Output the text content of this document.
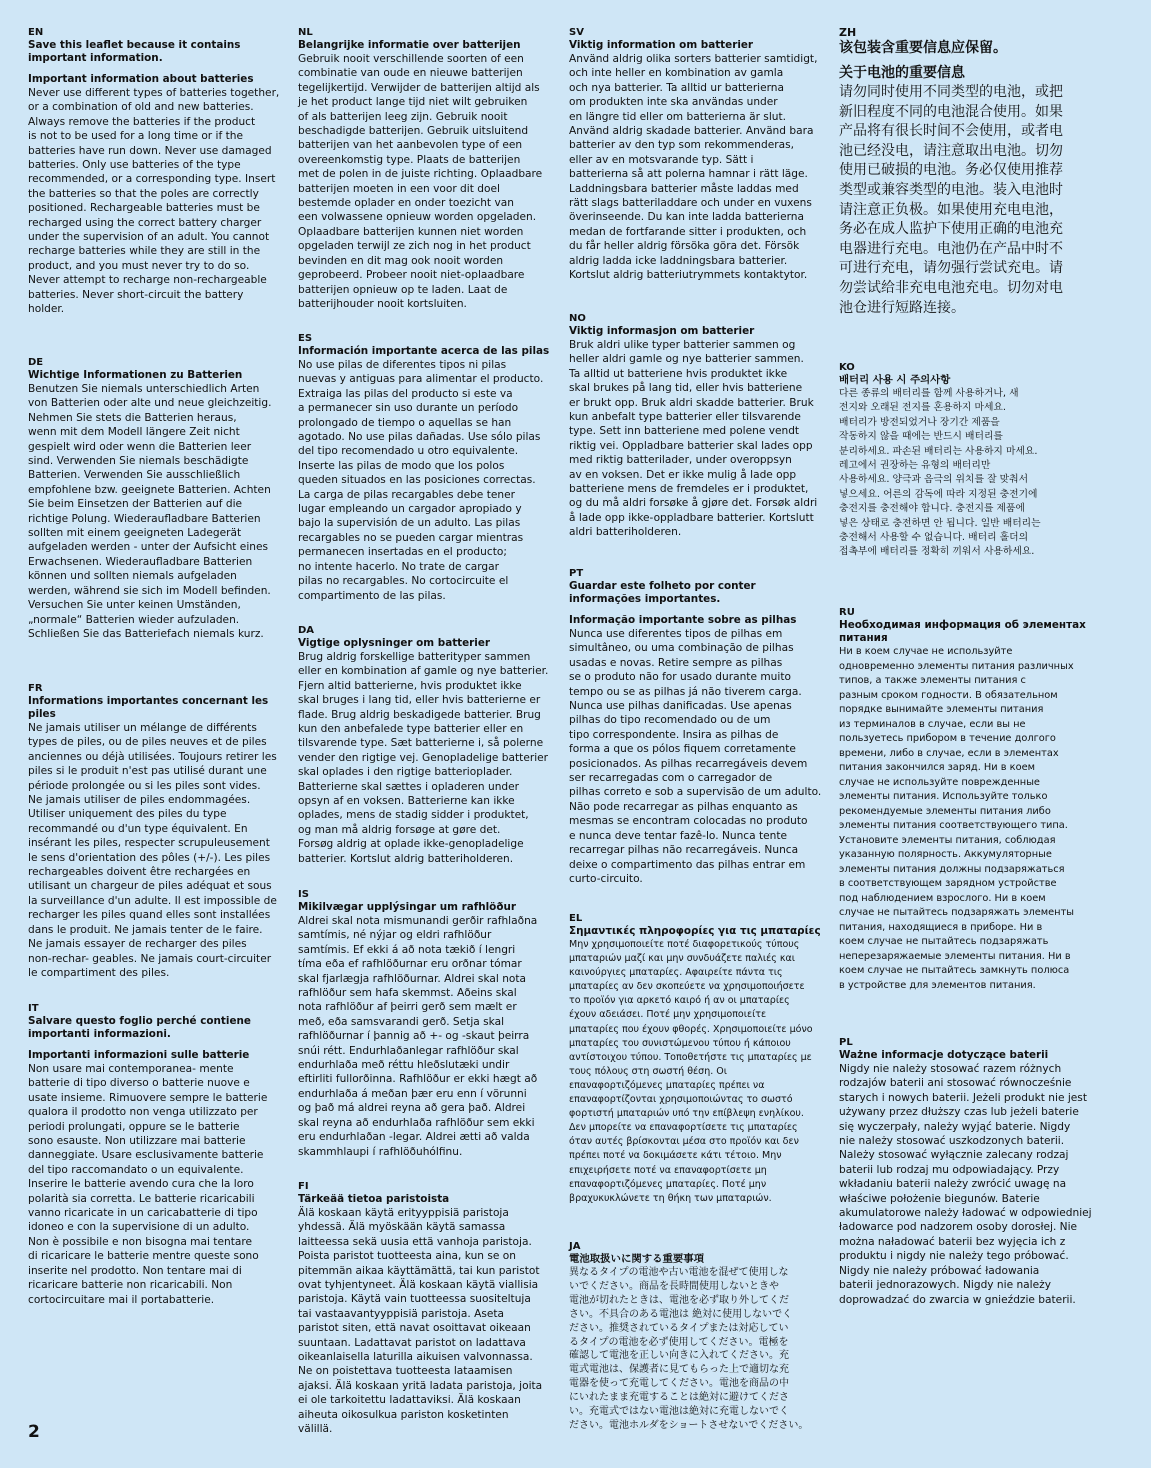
EN
Save this leaflet because it contains important information.
Important information about batteries
Never use different types of batteries together,
or a combination of old and new batteries.
Always remove the batteries if the product
is not to be used for a long time or if the
batteries have run down. Never use damaged
batteries. Only use batteries of the type
recommended, or a corresponding type. Insert
the batteries so that the poles are correctly
positioned. Rechargeable batteries must be
recharged using the correct battery charger
under the supervision of an adult. You cannot
recharge batteries while they are still in the
product, and you must never try to do so.
Never attempt to recharge non-rechargeable
batteries. Never short-circuit the battery
holder.
DE
Wichtige Informationen zu Batterien
Benutzen Sie niemals unterschiedlich Arten
von Batterien oder alte und neue gleichzeitig.
Nehmen Sie stets die Batterien heraus,
wenn mit dem Modell längere Zeit nicht
gespielt wird oder wenn die Batterien leer
sind. Verwenden Sie niemals beschädigte
Batterien. Verwenden Sie ausschließlich
empfohlene bzw. geeignete Batterien. Achten
Sie beim Einsetzen der Batterien auf die
richtige Polung. Wiederaufladbare Batterien
sollten mit einem geeigneten Ladegerät
aufgeladen werden - unter der Aufsicht eines
Erwachsenen. Wiederaufladbare Batterien
können und sollten niemals aufgeladen
werden, während sie sich im Modell befinden.
Versuchen Sie unter keinen Umständen,
„normale“ Batterien wieder aufzuladen.
Schließen Sie das Batteriefach niemals kurz.
FR
Informations importantes concernant les piles
Ne jamais utiliser un mélange de différents
types de piles, ou de piles neuves et de piles
anciennes ou déjà utilisées. Toujours retirer les
piles si le produit n'est pas utilisé durant une
période prolongée ou si les piles sont vides.
Ne jamais utiliser de piles endommagées.
Utiliser uniquement des piles du type
recommandé ou d'un type équivalent. En
insérant les piles, respecter scrupuleusement
le sens d'orientation des pôles (+/-). Les piles
rechargeables doivent être rechargées en
utilisant un chargeur de piles adéquat et sous
la surveillance d'un adulte. Il est impossible de
recharger les piles quand elles sont installées
dans le produit. Ne jamais tenter de le faire.
Ne jamais essayer de recharger des piles
non-rechar- geables. Ne jamais court-circuiter
le compartiment des piles.
IT
Salvare questo foglio perché contiene importanti informazioni.
Importanti informazioni sulle batterie
Non usare mai contemporanea- mente
batterie di tipo diverso o batterie nuove e
usate insieme. Rimuovere sempre le batterie
qualora il prodotto non venga utilizzato per
periodi prolungati, oppure se le batterie
sono esauste. Non utilizzare mai batterie
danneggiate. Usare esclusivamente batterie
del tipo raccomandato o un equivalente.
Inserire le batterie avendo cura che la loro
polarità sia corretta. Le batterie ricaricabili
vanno ricaricate in un caricabatterie di tipo
idoneo e con la supervisione di un adulto.
Non è possibile e non bisogna mai tentare
di ricaricare le batterie mentre queste sono
inserite nel prodotto. Non tentare mai di
ricaricare batterie non ricaricabili. Non
cortocircuitare mai il portabatterie.
NL
Belangrijke informatie over batterijen
Gebruik nooit verschillende soorten of een
combinatie van oude en nieuwe batterijen
tegelijkertijd. Verwijder de batterijen altijd als
je het product lange tijd niet wilt gebruiken
of als batterijen leeg zijn. Gebruik nooit
beschadigde batterijen. Gebruik uitsluitend
batterijen van het aanbevolen type of een
overeenkomstig type. Plaats de batterijen
met de polen in de juiste richting. Oplaadbare
batterijen moeten in een voor dit doel
bestemde oplader en onder toezicht van
een volwassene opnieuw worden opgeladen.
Oplaadbare batterijen kunnen niet worden
opgeladen terwijl ze zich nog in het product
bevinden en dit mag ook nooit worden
geprobeerd. Probeer nooit niet-oplaadbare
batterijen opnieuw op te laden. Laat de
batterijhouder nooit kortsluiten.
ES
Información importante acerca de las pilas
No use pilas de diferentes tipos ni pilas
nuevas y antiguas para alimentar el producto.
Extraiga las pilas del producto si este va
a permanecer sin uso durante un período
prolongado de tiempo o aquellas se han
agotado. No use pilas dañadas. Use sólo pilas
del tipo recomendado u otro equivalente.
Inserte las pilas de modo que los polos
queden situados en las posiciones correctas.
La carga de pilas recargables debe tener
lugar empleando un cargador apropiado y
bajo la supervisión de un adulto. Las pilas
recargables no se pueden cargar mientras
permanecen insertadas en el producto;
no intente hacerlo. No trate de cargar
pilas no recargables. No cortocircuite el
compartimento de las pilas.
DA
Vigtige oplysninger om batterier
Brug aldrig forskellige batterityper sammen
eller en kombination af gamle og nye batterier.
Fjern altid batterierne, hvis produktet ikke
skal bruges i lang tid, eller hvis batterierne er
flade. Brug aldrig beskadigede batterier. Brug
kun den anbefalede type batterier eller en
tilsvarende type. Sæt batterierne i, så polerne
vender den rigtige vej. Genopladelige batterier
skal oplades i den rigtige batterioplader.
Batterierne skal sættes i opladeren under
opsyn af en voksen. Batterierne kan ikke
oplades, mens de stadig sidder i produktet,
og man må aldrig forsøge at gøre det.
Forsøg aldrig at oplade ikke-genopladelige
batterier. Kortslut aldrig batteriholderen.
IS
Mikilvægar upplýsingar um rafhlöður
Aldrei skal nota mismunandi gerðir rafhlaðna
samtímis, né nýjar og eldri rafhlöður
samtímis. Ef ekki á að nota tækið í lengri
tíma eða ef rafhlöðurnar eru orðnar tómar
skal fjarlægja rafhlöðurnar. Aldrei skal nota
rafhlöður sem hafa skemmst. Aðeins skal
nota rafhlöður af þeirri gerð sem mælt er
með, eða samsvarandi gerð. Setja skal
rafhlöðurnar í þannig að +- og -skaut þeirra
snúi rétt. Endurhlaðanlegar rafhlöður skal
endurhlaða með réttu hleðslutæki undir
eftirliti fullorðinna. Rafhlöður er ekki hægt að
endurhlaða á meðan þær eru enn í vörunni
og það má aldrei reyna að gera það. Aldrei
skal reyna að endurhlaða rafhlöður sem ekki
eru endurhlaðan -legar. Aldrei ætti að valda
skammhlaupi í rafhlöðuhólfinu.
FI
Tärkeää tietoa paristoista
Älä koskaan käytä erityyppisiä paristoja
yhdessä. Älä myöskään käytä samassa
laitteessa sekä uusia että vanhoja paristoja.
Poista paristot tuotteesta aina, kun se on
pitemmän aikaa käyttämättä, tai kun paristot
ovat tyhjentyneet. Älä koskaan käytä viallisia
paristoja. Käytä vain tuotteessa suositeltuja
tai vastaavantyyppisiä paristoja. Aseta
paristot siten, että navat osoittavat oikeaan
suuntaan. Ladattavat paristot on ladattava
oikeanlaisella laturilla aikuisen valvonnassa.
Ne on poistettava tuotteesta lataamisen
ajaksi. Älä koskaan yritä ladata paristoja, joita
ei ole tarkoitettu ladattaviksi. Älä koskaan
aiheuta oikosulkua pariston kosketinten
välillä.
SV
Viktig information om batterier
Använd aldrig olika sorters batterier samtidigt,
och inte heller en kombination av gamla
och nya batterier. Ta alltid ur batterierna
om produkten inte ska användas under
en längre tid eller om batterierna är slut.
Använd aldrig skadade batterier. Använd bara
batterier av den typ som rekommenderas,
eller av en motsvarande typ. Sätt i
batterierna så att polerna hamnar i rätt läge.
Laddningsbara batterier måste laddas med
rätt slags batteriladdare och under en vuxens
överinseende. Du kan inte ladda batterierna
medan de fortfarande sitter i produkten, och
du får heller aldrig försöka göra det. Försök
aldrig ladda icke laddningsbara batterier.
Kortslut aldrig batteriutrymmets kontaktytor.
NO
Viktig informasjon om batterier
Bruk aldri ulike typer batterier sammen og
heller aldri gamle og nye batterier sammen.
Ta alltid ut batteriene hvis produktet ikke
skal brukes på lang tid, eller hvis batteriene
er brukt opp. Bruk aldri skadde batterier. Bruk
kun anbefalt type batterier eller tilsvarende
type. Sett inn batteriene med polene vendt
riktig vei. Oppladbare batterier skal lades opp
med riktig batterilader, under overoppsyn
av en voksen. Det er ikke mulig å lade opp
batteriene mens de fremdeles er i produktet,
og du må aldri forsøke å gjøre det. Forsøk aldri
å lade opp ikke-oppladbare batterier. Kortslutt
aldri batteriholderen.
PT
Guardar este folheto por conter informações importantes.
Informação importante sobre as pilhas
Nunca use diferentes tipos de pilhas em
simultâneo, ou uma combinação de pilhas
usadas e novas. Retire sempre as pilhas
se o produto não for usado durante muito
tempo ou se as pilhas já não tiverem carga.
Nunca use pilhas danificadas. Use apenas
pilhas do tipo recomendado ou de um
tipo correspondente. Insira as pilhas de
forma a que os pólos fiquem corretamente
posicionados. As pilhas recarregáveis devem
ser recarregadas com o carregador de
pilhas correto e sob a supervisão de um adulto.
Não pode recarregar as pilhas enquanto as
mesmas se encontram colocadas no produto
e nunca deve tentar fazê-lo. Nunca tente
recarregar pilhas não recarregáveis. Nunca
deixe o compartimento das pilhas entrar em
curto-circuito.
EL
Σημαντικές πληροφορίες για τις μπαταρίες
Μην χρησιμοποιείτε ποτέ διαφορετικούς τύπους
μπαταριών μαζί και μην συνδυάζετε παλιές και
καινούργιες μπαταρίες. Αφαιρείτε πάντα τις
μπαταρίες αν δεν σκοπεύετε να χρησιμοποιήσετε
το προϊόν για αρκετό καιρό ή αν οι μπαταρίες
έχουν αδειάσει. Ποτέ μην χρησιμοποιείτε
μπαταρίες που έχουν φθορές. Χρησιμοποιείτε μόνο
μπαταρίες του συνιστώμενου τύπου ή κάποιου
αντίστοιχου τύπου. Τοποθετήστε τις μπαταρίες με
τους πόλους στη σωστή θέση. Οι
επαναφορτιζόμενες μπαταρίες πρέπει να
επαναφορτίζονται χρησιμοποιώντας το σωστό
φορτιστή μπαταριών υπό την επίβλεψη ενηλίκου.
Δεν μπορείτε να επαναφορτίσετε τις μπαταρίες
όταν αυτές βρίσκονται μέσα στο προϊόν και δεν
πρέπει ποτέ να δοκιμάσετε κάτι τέτοιο. Μην
επιχειρήσετε ποτέ να επαναφορτίσετε μη
επαναφορτιζόμενες μπαταρίες. Ποτέ μην
βραχυκυκλώνετε τη θήκη των μπαταριών.
JA
電池取扱いに関する重要事項
異なるタイプの電池や古い電池を混ぜて使用しな
いでください。商品を長時間使用しないときや
電池が切れたときは、電池を必ず取り外してくだ
さい。不具合のある電池は 絶対に使用しないでく
ださい。推奨されているタイプまたは対応してい
るタイプの電池を必ず使用してください。電極を
確認して電池を正しい向きに入れてください。充
電式電池は、保護者に見てもらった上で適切な充
電器を使って充電してください。電池を商品の中
にいれたまま充電することは絶対に避けてくださ
い。充電式ではない電池は絶対に充電しないでく
ださい。電池ホルダをショートさせないでください。
ZH
该包装含重要信息应保留。
关于电池的重要信息
请勿同时使用不同类型的电池，或把
新旧程度不同的电池混合使用。如果
产品将有很长时间不会使用，或者电
池已经没电，请注意取出电池。切勿
使用已破损的电池。务必仅使用推荐
类型或兼容类型的电池。装入电池时
请注意正负极。如果使用充电电池，
务必在成人监护下使用正确的电池充
电器进行充电。电池仍在产品中时不
可进行充电，请勿强行尝试充电。请
勿尝试给非充电电池充电。切勿对电
池仓进行短路连接。
KO
배터리 사용 시 주의사항
다른 종류의 배터리를 함께 사용하거나, 새
전지와 오래된 전지를 혼용하지 마세요.
배터리가 방전되었거나 장기간 제품을
작동하지 않을 때에는 반드시 배터리를
분리하세요. 파손된 배터리는 사용하지 마세요.
레고에서 권장하는 유형의 배터리만
사용하세요. 양극과 음극의 위치를 잘 맞춰서
넣으세요. 어른의 감독에 따라 지정된 충전기에
충전지를 충전해야 합니다. 충전지를 제품에
넣은 상태로 충전하면 안 됩니다. 일반 배터리는
충전해서 사용할 수 없습니다. 배터리 홀더의
접촉부에 배터리를 정확히 끼워서 사용하세요.
RU
Необходимая информация об элементах питания
Ни в коем случае не используйте
одновременно элементы питания различных
типов, а также элементы питания с
разным сроком годности. В обязательном
порядке вынимайте элементы питания
из терминалов в случае, если вы не
пользуетесь прибором в течение долгого
времени, либо в случае, если в элементах
питания закончился заряд. Ни в коем
случае не используйте поврежденные
элементы питания. Используйте только
рекомендуемые элементы питания либо
элементы питания соответствующего типа.
Установите элементы питания, соблюдая
указанную полярность. Аккумуляторные
элементы питания должны подзаряжаться
в соответствующем зарядном устройстве
под наблюдением взрослого. Ни в коем
случае не пытайтесь подзаряжать элементы
питания, находящиеся в приборе. Ни в
коем случае не пытайтесь подзаряжать
неперезаряжаемые элементы питания. Ни в
коем случае не пытайтесь замкнуть полюса
в устройстве для элементов питания.
PL
Ważne informacje dotyczące baterii
Nigdy nie należy stosować razem różnych
rodzajów baterii ani stosować równocześnie
starych i nowych baterii. Jeżeli produkt nie jest
używany przez dłuższy czas lub jeżeli baterie
się wyczerpały, należy wyjąć baterie. Nigdy
nie należy stosować uszkodzonych baterii.
Należy stosować wyłącznie zalecany rodzaj
baterii lub rodzaj mu odpowiadający. Przy
wkładaniu baterii należy zwrócić uwagę na
właściwe położenie biegunów. Baterie
akumulatorowe należy ładować w odpowiedniej
ładowarce pod nadzorem osoby dorosłej. Nie
można naładować baterii bez wyjęcia ich z
produktu i nigdy nie należy tego próbować.
Nigdy nie należy próbować ładowania
baterii jednorazowych. Nigdy nie należy
doprowadzać do zwarcia w gnieździe baterii.
2
